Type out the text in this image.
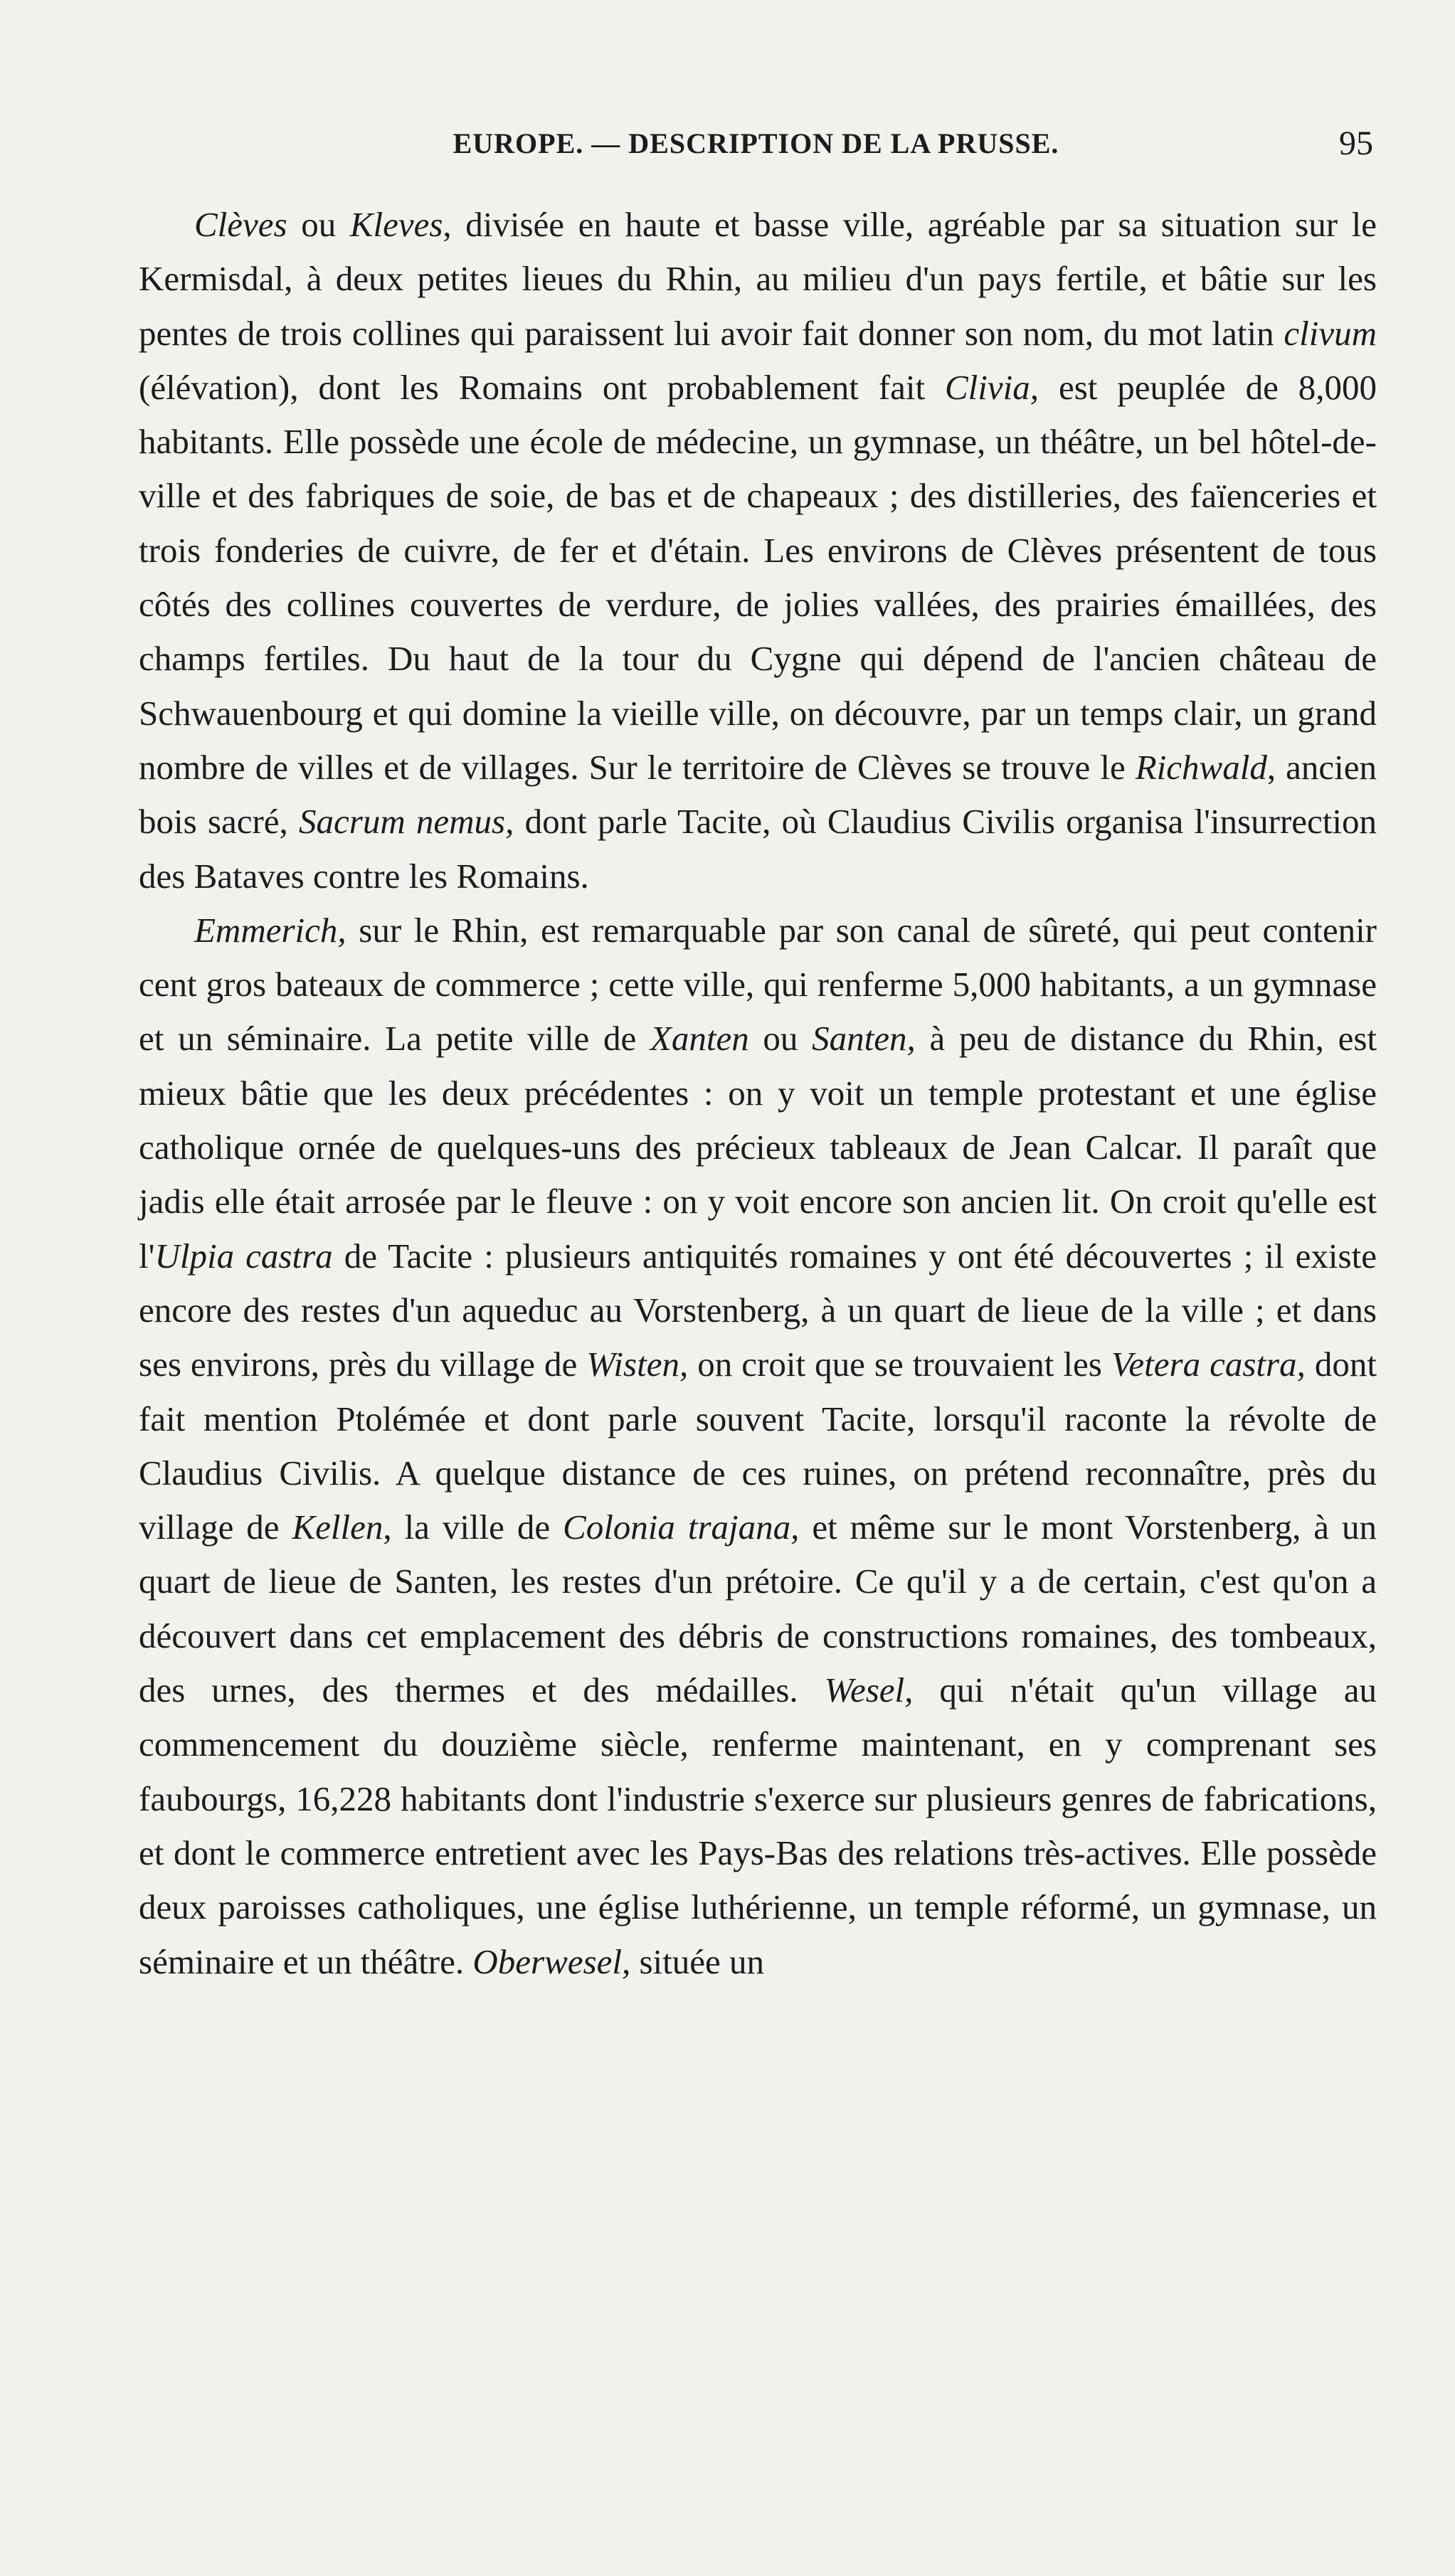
EUROPE. — DESCRIPTION DE LA PRUSSE.	95

Clèves ou Kleves, divisée en haute et basse ville, agréable par sa situation sur le Kermisdal, à deux petites lieues du Rhin, au milieu d'un pays fertile, et bâtie sur les pentes de trois collines qui paraissent lui avoir fait donner son nom, du mot latin clivum (élévation), dont les Romains ont probablement fait Clivia, est peuplée de 8,000 habitants. Elle possède une école de médecine, un gymnase, un théâtre, un bel hôtel-de-ville et des fabriques de soie, de bas et de chapeaux ; des distilleries, des faïenceries et trois fonderies de cuivre, de fer et d'étain. Les environs de Clèves présentent de tous côtés des collines couvertes de verdure, de jolies vallées, des prairies émaillées, des champs fertiles. Du haut de la tour du Cygne qui dépend de l'ancien château de Schwauenbourg et qui domine la vieille ville, on découvre, par un temps clair, un grand nombre de villes et de villages. Sur le territoire de Clèves se trouve le Richwald, ancien bois sacré, Sacrum nemus, dont parle Tacite, où Claudius Civilis organisa l'insurrection des Bataves contre les Romains.

Emmerich, sur le Rhin, est remarquable par son canal de sûreté, qui peut contenir cent gros bateaux de commerce ; cette ville, qui renferme 5,000 habitants, a un gymnase et un séminaire. La petite ville de Xanten ou Santen, à peu de distance du Rhin, est mieux bâtie que les deux précédentes : on y voit un temple protestant et une église catholique ornée de quelques-uns des précieux tableaux de Jean Calcar. Il paraît que jadis elle était arrosée par le fleuve : on y voit encore son ancien lit. On croit qu'elle est l'Ulpia castra de Tacite : plusieurs antiquités romaines y ont été découvertes ; il existe encore des restes d'un aqueduc au Vorstenberg, à un quart de lieue de la ville ; et dans ses environs, près du village de Wisten, on croit que se trouvaient les Vetera castra, dont fait mention Ptolémée et dont parle souvent Tacite, lorsqu'il raconte la révolte de Claudius Civilis. A quelque distance de ces ruines, on prétend reconnaître, près du village de Kellen, la ville de Colonia trajana, et même sur le mont Vorstenberg, à un quart de lieue de Santen, les restes d'un prétoire. Ce qu'il y a de certain, c'est qu'on a découvert dans cet emplacement des débris de constructions romaines, des tombeaux, des urnes, des thermes et des médailles. Wesel, qui n'était qu'un village au commencement du douzième siècle, renferme maintenant, en y comprenant ses faubourgs, 16,228 habitants dont l'industrie s'exerce sur plusieurs genres de fabrications, et dont le commerce entretient avec les Pays-Bas des relations très-actives. Elle possède deux paroisses catholiques, une église luthérienne, un temple réformé, un gymnase, un séminaire et un théâtre. Oberwesel, située un
